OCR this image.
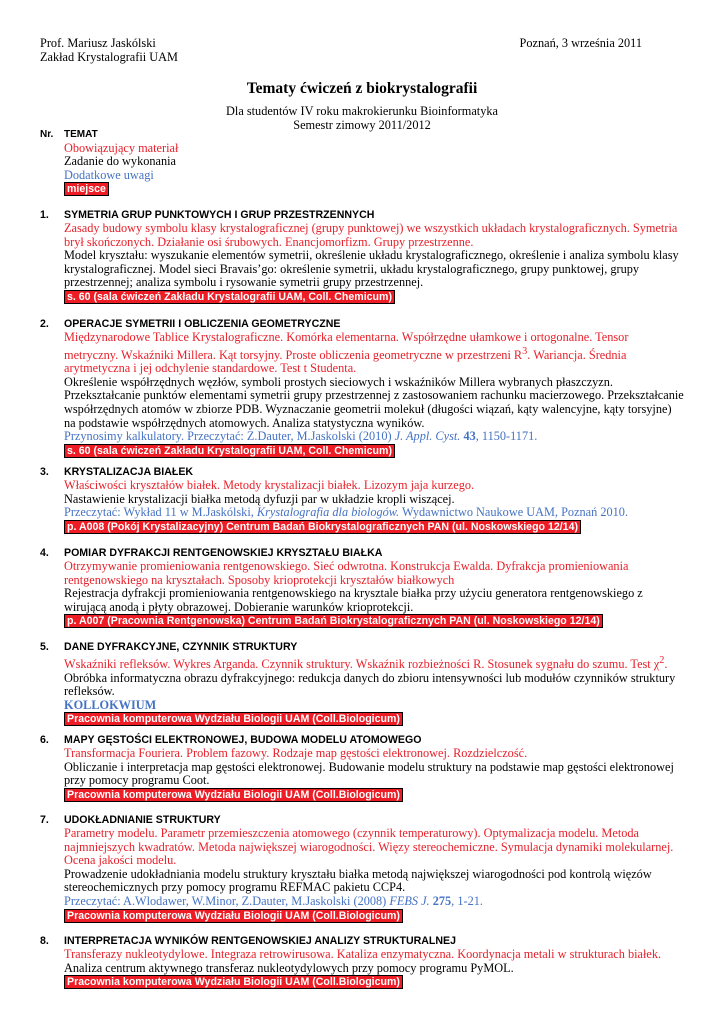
Prof. Mariusz Jaskólski
Zakład Krystalografii UAM
Poznań, 3 września 2011
Tematy ćwiczeń z biokrystalografii
Dla studentów IV roku makrokierunku Bioinformatyka
Semestr zimowy 2011/2012
Nr. TEMAT
Obowiązujący materiał
Zadanie do wykonania
Dodatkowe uwagi
miejsce
1. SYMETRIA GRUP PUNKTOWYCH I GRUP PRZESTRZENNYCH
Zasady budowy symbolu klasy krystalograficznej (grupy punktowej) we wszystkich układach krystalograficznych. Symetria brył skończonych. Działanie osi śrubowych. Enancjomorfizm. Grupy przestrzenne.
Model kryształu: wyszukanie elementów symetrii, określenie układu krystalograficznego, określenie i analiza symbolu klasy krystalograficznej. Model sieci Bravais’go: określenie symetrii, układu krystalograficznego, grupy punktowej, grupy przestrzennej; analiza symbolu i rysowanie symetrii grupy przestrzennej.
s. 60 (sala ćwiczeń Zakładu Krystalografii UAM, Coll. Chemicum)
2. OPERACJE SYMETRII I OBLICZENIA GEOMETRYCZNE
Międzynarodowe Tablice Krystalograficzne. Komórka elementarna. Współrzędne ułamkowe i ortogonalne. Tensor metryczny. Wskaźniki Millera. Kąt torsyjny. Proste obliczenia geometryczne w przestrzeni $R^3$. Wariancja. Średnia arytmetyczna i jej odchylenie standardowe. Test t Studenta.
Określenie współrzędnych węzłów, symboli prostych sieciowych i wskaźników Millera wybranych płaszczyzn. Przekształcanie punktów elementami symetrii grupy przestrzennej z zastosowaniem rachunku macierzowego. Przekształcanie współrzędnych atomów w zbiorze PDB. Wyznaczanie geometrii molekuł (długości wiązań, kąty walencyjne, kąty torsyjne) na podstawie współrzędnych atomowych. Analiza statystyczna wyników.
Przynosimy kalkulatory. Przeczytać: Z.Dauter, M.Jaskolski (2010) J. Appl. Cyst. 43, 1150-1171.
s. 60 (sala ćwiczeń Zakładu Krystalografii UAM, Coll. Chemicum)
3. KRYSTALIZACJA BIAŁEK
Właściwości kryształów białek. Metody krystalizacji białek. Lizozym jaja kurzego.
Nastawienie krystalizacji białka metodą dyfuzji par w układzie kropli wiszącej.
Przeczytać: Wykład 11 w M.Jaskólski, Krystalografia dla biologów. Wydawnictwo Naukowe UAM, Poznań 2010.
p. A008 (Pokój Krystalizacyjny) Centrum Badań Biokrystalograficznych PAN (ul. Noskowskiego 12/14)
4. POMIAR DYFRAKCJI RENTGENOWSKIEJ KRYSZTAŁU BIAŁKA
Otrzymywanie promieniowania rentgenowskiego. Sieć odwrotna. Konstrukcja Ewalda. Dyfrakcja promieniowania rentgenowskiego na kryształach. Sposoby krioprotekcji kryształów białkowych
Rejestracja dyfrakcji promieniowania rentgenowskiego na krysztale białka przy użyciu generatora rentgenowskiego z wirującą anodą i płyty obrazowej. Dobieranie warunków krioprotekcji.
p. A007 (Pracownia Rentgenowska) Centrum Badań Biokrystalograficznych PAN (ul. Noskowskiego 12/14)
5. DANE DYFRAKCYJNE, CZYNNIK STRUKTURY
Wskaźniki refleksów. Wykres Arganda. Czynnik struktury. Wskaźnik rozbieżności R. Stosunek sygnału do szumu. Test $\chi^2$.
Obróbka informatyczna obrazu dyfrakcyjnego: redukcja danych do zbioru intensywności lub modułów czynników struktury refleksów.
KOLLOKWIUM
Pracownia komputerowa Wydziału Biologii UAM (Coll.Biologicum)
6. MAPY GĘSTOŚCI ELEKTRONOWEJ, BUDOWA MODELU ATOMOWEGO
Transformacja Fouriera. Problem fazowy. Rodzaje map gęstości elektronowej. Rozdzielczość.
Obliczanie i interpretacja map gęstości elektronowej. Budowanie modelu struktury na podstawie map gęstości elektronowej przy pomocy programu Coot.
Pracownia komputerowa Wydziału Biologii UAM (Coll.Biologicum)
7. UDOKŁADNIANIE STRUKTURY
Parametry modelu. Parametr przemieszczenia atomowego (czynnik temperaturowy). Optymalizacja modelu. Metoda najmniejszych kwadratów. Metoda największej wiarogodności. Więzy stereochemiczne. Symulacja dynamiki molekularnej. Ocena jakości modelu.
Prowadzenie udokładniania modelu struktury kryształu białka metodą największej wiarogodności pod kontrolą więzów stereochemicznych przy pomocy programu REFMAC pakietu CCP4.
Przeczytać: A.Wlodawer, W.Minor, Z.Dauter, M.Jaskolski (2008) FEBS J. 275, 1-21.
Pracownia komputerowa Wydziału Biologii UAM (Coll.Biologicum)
8. INTERPRETACJA WYNIKÓW RENTGENOWSKIEJ ANALIZY STRUKTURALNEJ
Transferazy nukleotydylowe. Integraza retrowirusowa. Kataliza enzymatyczna. Koordynacja metali w strukturach białek.
Analiza centrum aktywnego transferaz nukleotydylowych przy pomocy programu PyMOL.
Pracownia komputerowa Wydziału Biologii UAM (Coll.Biologicum)
